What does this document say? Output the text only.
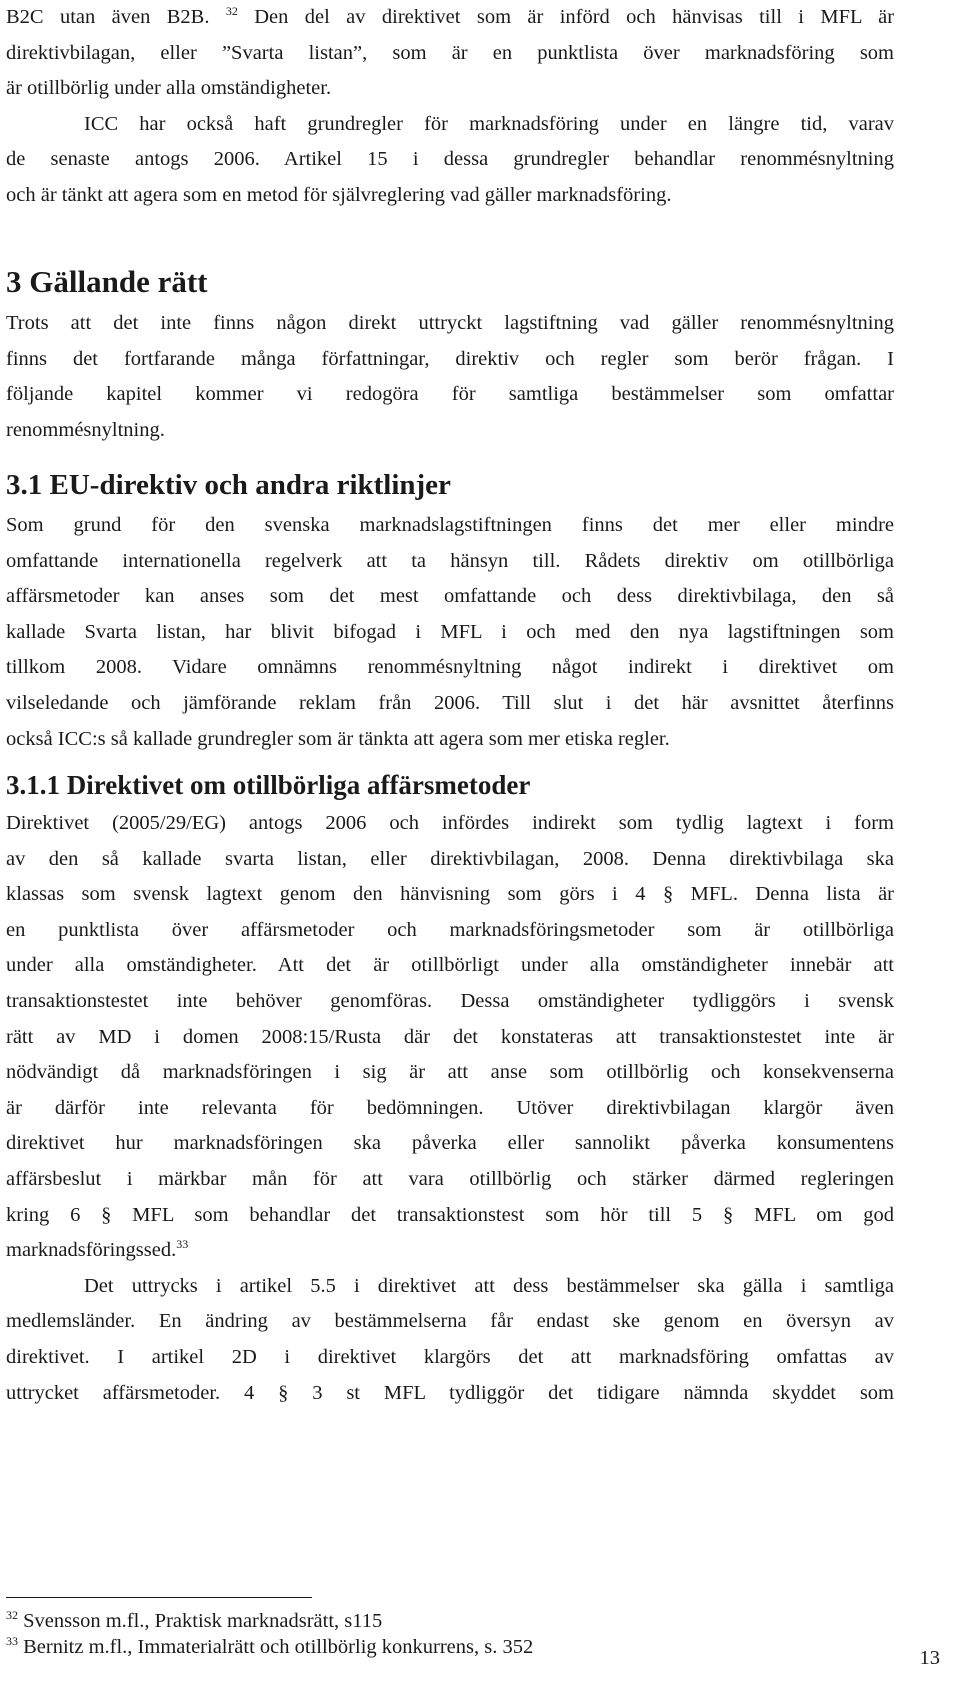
B2C utan även B2B. $^{32}$ Den del av direktivet som är införd och hänvisas till i MFL är
direktivbilagan, eller ”Svarta listan”, som är en punktlista över marknadsföring som
är otillbörlig under alla omständigheter.
ICC har också haft grundregler för marknadsföring under en längre tid, varav
de senaste antogs 2006. Artikel 15 i dessa grundregler behandlar renommésnyltning
och är tänkt att agera som en metod för självreglering vad gäller marknadsföring.
3 Gällande rätt
Trots att det inte finns någon direkt uttryckt lagstiftning vad gäller renommésnyltning
finns det fortfarande många författningar, direktiv och regler som berör frågan. I
följande kapitel kommer vi redogöra för samtliga bestämmelser som omfattar
renommésnyltning.
3.1 EU-direktiv och andra riktlinjer
Som grund för den svenska marknadslagstiftningen finns det mer eller mindre
omfattande internationella regelverk att ta hänsyn till. Rådets direktiv om otillbörliga
affärsmetoder kan anses som det mest omfattande och dess direktivbilaga, den så
kallade Svarta listan, har blivit bifogad i MFL i och med den nya lagstiftningen som
tillkom 2008. Vidare omnämns renommésnyltning något indirekt i direktivet om
vilseledande och jämförande reklam från 2006. Till slut i det här avsnittet återfinns
också ICC:s så kallade grundregler som är tänkta att agera som mer etiska regler.
3.1.1 Direktivet om otillbörliga affärsmetoder
Direktivet (2005/29/EG) antogs 2006 och infördes indirekt som tydlig lagtext i form
av den så kallade svarta listan, eller direktivbilagan, 2008. Denna direktivbilaga ska
klassas som svensk lagtext genom den hänvisning som görs i 4 § MFL. Denna lista är
en punktlista över affärsmetoder och marknadsföringsmetoder som är otillbörliga
under alla omständigheter. Att det är otillbörligt under alla omständigheter innebär att
transaktionstestet inte behöver genomföras. Dessa omständigheter tydliggörs i svensk
rätt av MD i domen 2008:15/Rusta där det konstateras att transaktionstestet inte är
nödvändigt då marknadsföringen i sig är att anse som otillbörlig och konsekvenserna
är därför inte relevanta för bedömningen. Utöver direktivbilagan klargör även
direktivet hur marknadsföringen ska påverka eller sannolikt påverka konsumentens
affärsbeslut i märkbar mån för att vara otillbörlig och stärker därmed regleringen
kring 6 § MFL som behandlar det transaktionstest som hör till 5 § MFL om god
marknadsföringssed.$^{33}$
Det uttrycks i artikel 5.5 i direktivet att dess bestämmelser ska gälla i samtliga
medlemsländer. En ändring av bestämmelserna får endast ske genom en översyn av
direktivet. I artikel 2D i direktivet klargörs det att marknadsföring omfattas av
uttrycket affärsmetoder. 4 § 3 st MFL tydliggör det tidigare nämnda skyddet som

$^{32}$ Svensson m.fl., Praktisk marknadsrätt, s115

$^{33}$ Bernitz m.fl., Immaterialrätt och otillbörlig konkurrens, s. 352	13
